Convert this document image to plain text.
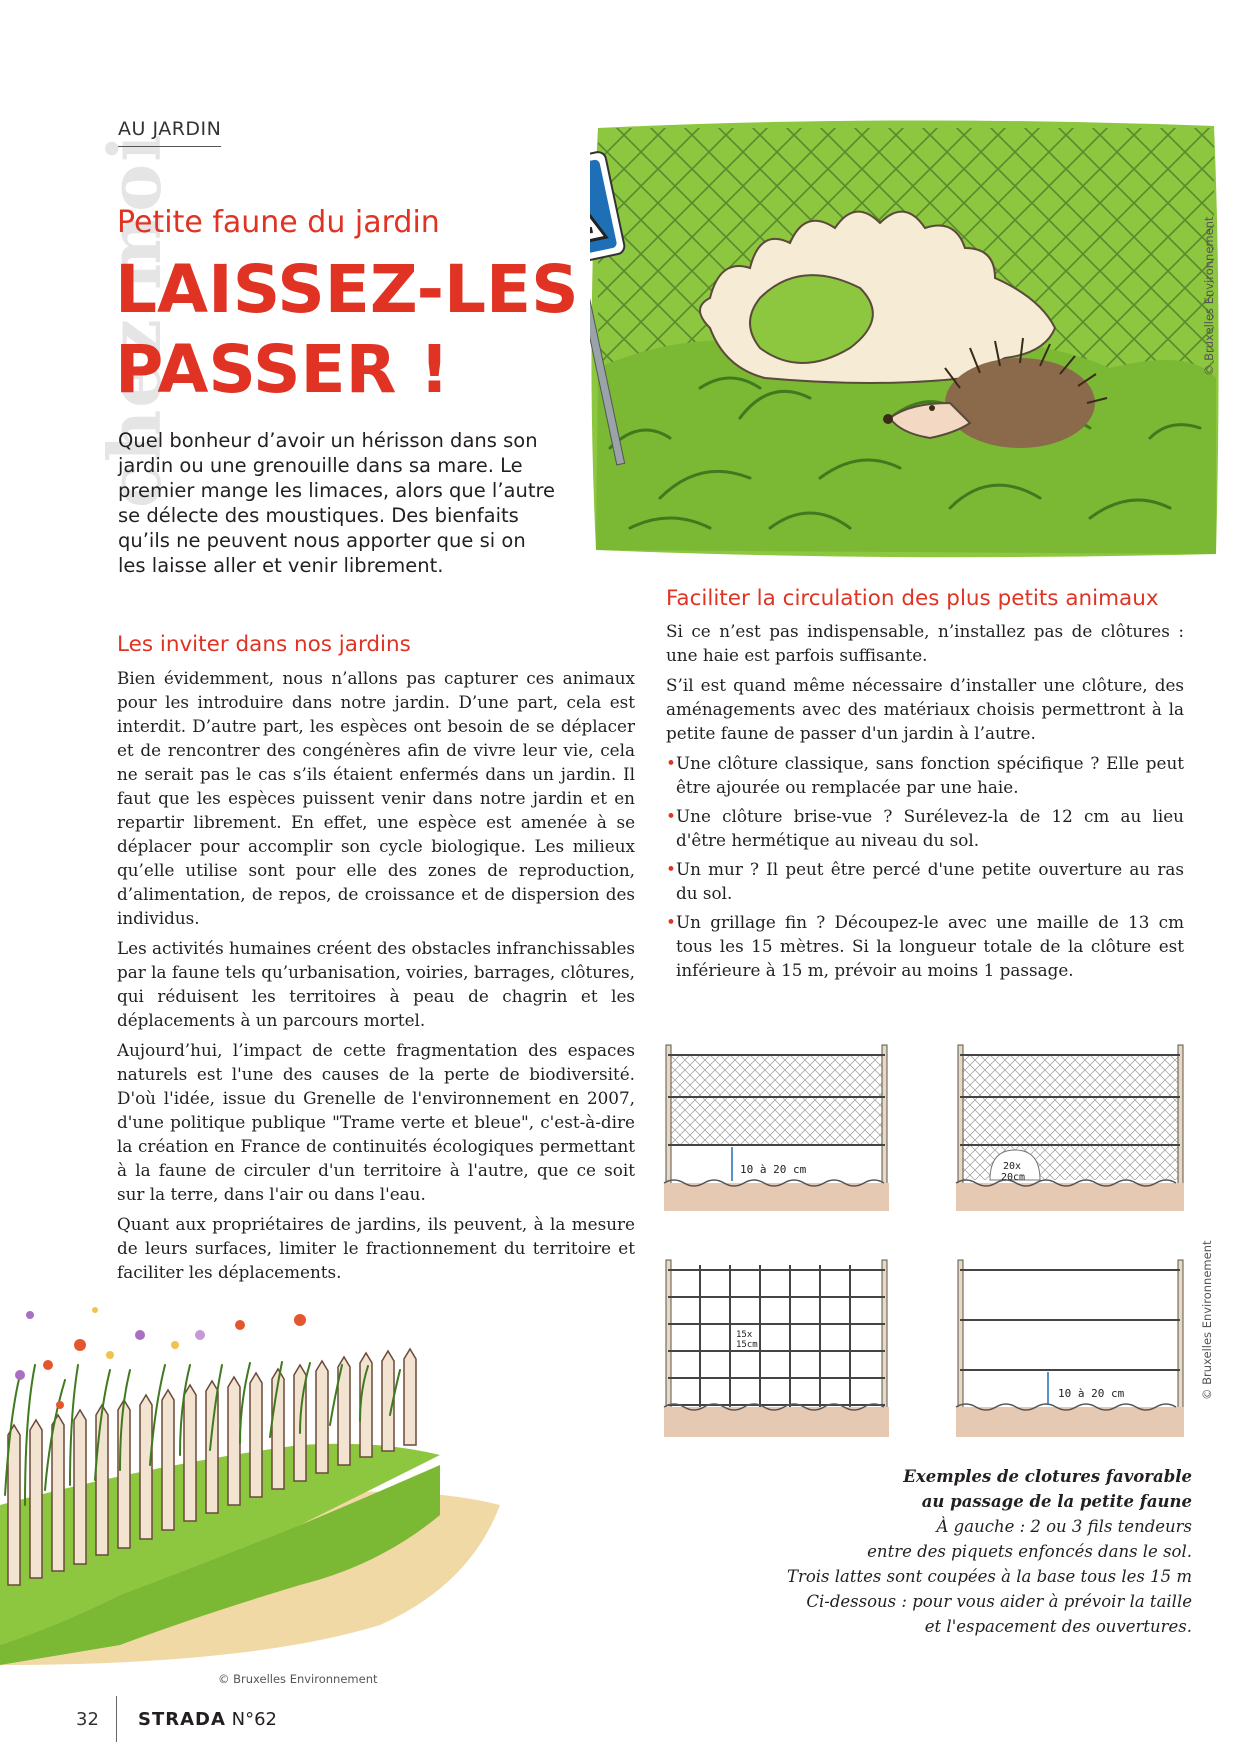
chez moi
AU JARDIN
Petite faune du jardin
LAISSEZ-LES
PASSER !
Quel bonheur d’avoir un hérisson dans son jardin ou une grenouille dans sa mare. Le premier mange les limaces, alors que l’autre se délecte des moustiques. Des bienfaits qu’ils ne peuvent nous apporter que si on les laisse aller et venir librement.
© Bruxelles Environnement
Les inviter dans nos jardins

Bien évidemment, nous n’allons pas capturer ces animaux pour les introduire dans notre jardin. D’une part, cela est interdit. D’autre part, les espèces ont besoin de se déplacer et de rencontrer des congénères afin de vivre leur vie, cela ne serait pas le cas s’ils étaient enfermés dans un jardin. Il faut que les espèces puissent venir dans notre jardin et en repartir librement. En effet, une espèce est amenée à se déplacer pour accomplir son cycle biologique. Les milieux qu’elle utilise sont pour elle des zones de reproduction, d’alimentation, de repos, de croissance et de dispersion des individus.

Les activités humaines créent des obstacles infranchissables par la faune tels qu’urbanisation, voiries, barrages, clôtures, qui réduisent les territoires à peau de chagrin et les déplacements à un parcours mortel.

Aujourd’hui, l’impact de cette fragmentation des espaces naturels est l'une des causes de la perte de biodiversité. D'où l'idée, issue du Grenelle de l'environnement en 2007, d'une politique publique "Trame verte et bleue", c'est-à-dire la création en France de continuités écologiques permettant à la faune de circuler d'un territoire à l'autre, que ce soit sur la terre, dans l'air ou dans l'eau.

Quant aux propriétaires de jardins, ils peuvent, à la mesure de leurs surfaces, limiter le fractionnement du territoire et faciliter les déplacements.

Faciliter la circulation des plus petits animaux

Si ce n’est pas indispensable, n’installez pas de clôtures : une haie est parfois suffisante.

S’il est quand même nécessaire d’installer une clôture, des aménagements avec des matériaux choisis permettront à la petite faune de passer d'un jardin à l’autre.

• Une clôture classique, sans fonction spécifique ? Elle peut être ajourée ou remplacée par une haie.
• Une clôture brise-vue ? Surélevez-la de 12 cm au lieu d'être hermétique au niveau du sol.
• Un mur ? Il peut être percé d'une petite ouverture au ras du sol.
• Un grillage fin ? Découpez-le avec une maille de 13 cm tous les 15 mètres. Si la longueur totale de la clôture est inférieure à 15 m, prévoir au moins 1 passage.
10 à 20 cm	20x
20cm
15x
15cm
10 à 20 cm	© Bruxelles Environnement
Exemples de clotures favorable
au passage de la petite faune
À gauche : 2 ou 3 fils tendeurs
entre des piquets enfoncés dans le sol.
Trois lattes sont coupées à la base tous les 15 m
Ci-dessous : pour vous aider à prévoir la taille
et l'espacement des ouvertures.
© Bruxelles Environnement
32 STRADA N°62
